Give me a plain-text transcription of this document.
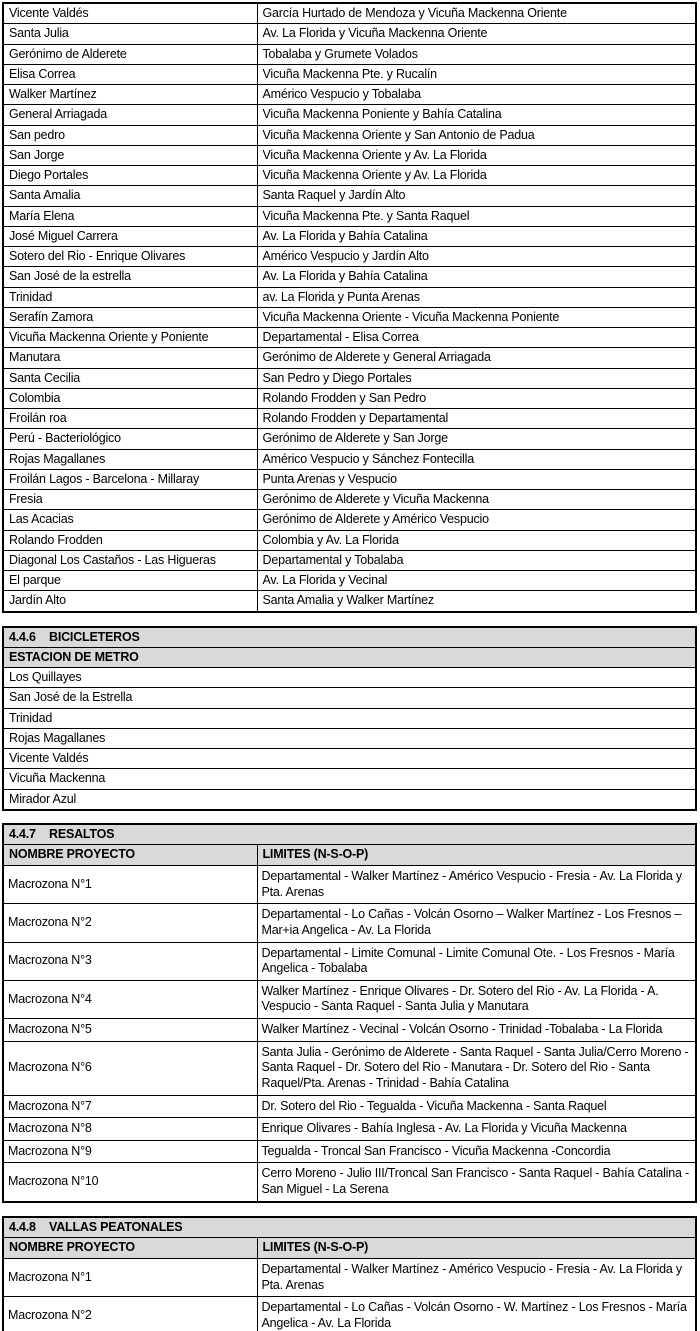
Vicente Valdés	García Hurtado de Mendoza y Vicuña Mackenna Oriente
Santa Julia	Av. La Florida y Vicuña Mackenna Oriente
Gerónimo de Alderete	Tobalaba y Grumete Volados
Elisa Correa	Vicuña Mackenna Pte. y Rucalín
Walker Martínez	Américo Vespucio y Tobalaba
General Arriagada	Vicuña Mackenna Poniente y Bahía Catalina
San pedro	Vicuña Mackenna Oriente y San Antonio de Padua
San Jorge	Vicuña Mackenna Oriente y Av. La Florida
Diego Portales	Vicuña Mackenna Oriente y Av. La Florida
Santa Amalia	Santa Raquel y Jardín Alto
María Elena	Vicuña Mackenna Pte. y Santa Raquel
José Miguel Carrera	Av. La Florida y Bahía Catalina
Sotero del Rio - Enrique Olivares	Américo Vespucio y Jardín Alto
San José de la estrella	Av. La Florida y Bahía Catalina
Trinidad	av. La Florida y Punta Arenas
Serafín Zamora	Vicuña Mackenna Oriente - Vicuña Mackenna Poniente
Vicuña Mackenna Oriente y Poniente	Departamental - Elisa Correa
Manutara	Gerónimo de Alderete y General Arriagada
Santa Cecilia	San Pedro y Diego Portales
Colombia	Rolando Frodden y San Pedro
Froilán roa	Rolando Frodden y Departamental
Perú - Bacteriológico	Gerónimo de Alderete y San Jorge
Rojas Magallanes	Américo Vespucio y Sánchez Fontecilla
Froilán Lagos - Barcelona - Millaray	Punta Arenas y Vespucio
Fresia	Gerónimo de Alderete y Vicuña Mackenna
Las Acacias	Gerónimo de Alderete y Américo Vespucio
Rolando Frodden	Colombia y Av. La Florida
Diagonal Los Castaños - Las Higueras	Departamental y Tobalaba
El parque	Av. La Florida y Vecinal
Jardín Alto	Santa Amalia y Walker Martínez
4.4.6 BICICLETEROS
ESTACION DE METRO
Los Quillayes
San José de la Estrella
Trinidad
Rojas Magallanes
Vicente Valdés
Vicuña Mackenna
Mirador Azul
4.4.7 RESALTOS	
NOMBRE PROYECTO	LIMITES (N-S-O-P)
Macrozona N°1	Departamental - Walker Martínez - Américo Vespucio - Fresia - Av. La Florida y Pta. Arenas
Macrozona N°2	Departamental - Lo Cañas - Volcán Osorno – Walker Martínez - Los Fresnos – Mar+ia Angelica - Av. La Florida
Macrozona N°3	Departamental - Limite Comunal - Limite Comunal Ote. - Los Fresnos - María Angelica - Tobalaba
Macrozona N°4	Walker Martínez - Enrique Olivares - Dr. Sotero del Rio - Av. La Florida - A. Vespucio - Santa Raquel - Santa Julia y Manutara
Macrozona N°5	Walker Martínez - Vecinal - Volcán Osorno - Trinidad -Tobalaba - La Florida
Macrozona N°6	Santa Julia - Gerónimo de Alderete - Santa Raquel - Santa Julia/Cerro Moreno - Santa Raquel - Dr. Sotero del Rio - Manutara - Dr. Sotero del Rio - Santa Raquel/Pta. Arenas - Trinidad - Bahía Catalina
Macrozona N°7	Dr. Sotero del Rio - Tegualda - Vicuña Mackenna - Santa Raquel
Macrozona N°8	Enrique Olivares - Bahía Inglesa - Av. La Florida y Vicuña Mackenna
Macrozona N°9	Tegualda - Troncal San Francisco - Vicuña Mackenna -Concordia
Macrozona N°10	Cerro Moreno - Julio III/Troncal San Francisco - Santa Raquel - Bahía Catalina - San Miguel - La Serena
4.4.8 VALLAS PEATONALES	
NOMBRE PROYECTO	LIMITES (N-S-O-P)
Macrozona N°1	Departamental - Walker Martínez - Américo Vespucio - Fresia - Av. La Florida y Pta. Arenas
Macrozona N°2	Departamental - Lo Cañas - Volcán Osorno - W. Martínez - Los Fresnos - María Angelica - Av. La Florida
